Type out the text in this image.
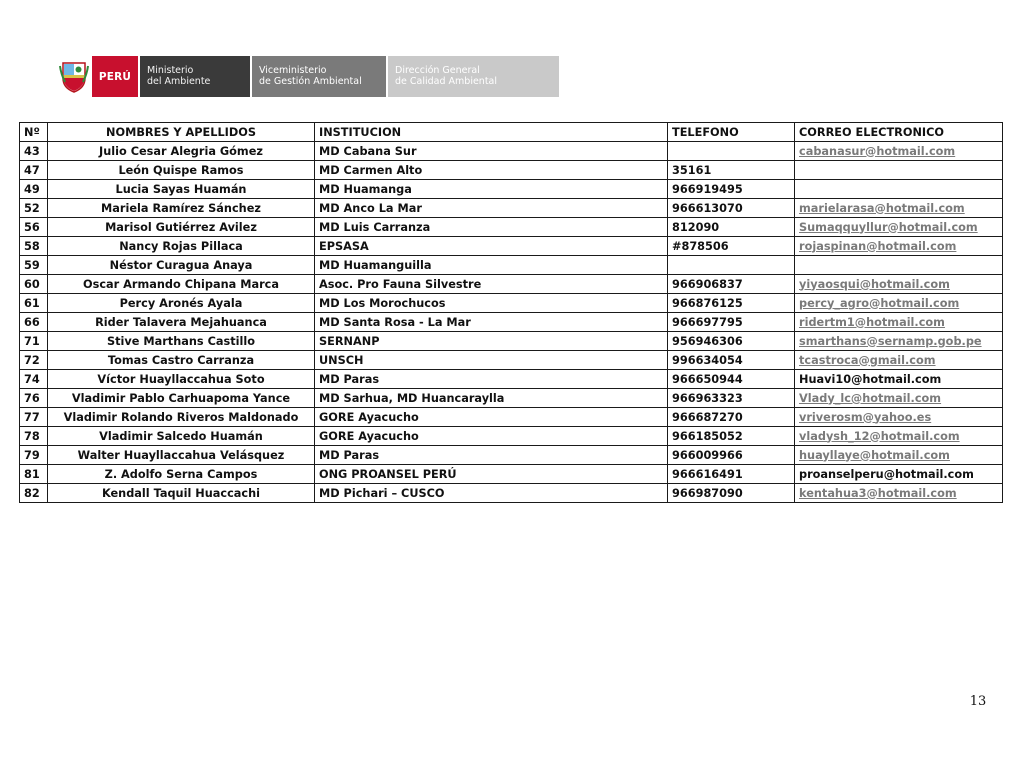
PERÚ	Ministerio
del Ambiente
Viceministerio
de Gestión Ambiental
Dirección General
de Calidad Ambiental
Nº	NOMBRES Y APELLIDOS	INSTITUCION	TELEFONO	CORREO ELECTRONICO
43	Julio Cesar Alegria Gómez	MD Cabana Sur		cabanasur@hotmail.com
47	León Quispe Ramos	MD Carmen Alto	35161	
49	Lucia Sayas Huamán	MD Huamanga	966919495	
52	Mariela Ramírez Sánchez	MD Anco La Mar	966613070	marielarasa@hotmail.com
56	Marisol Gutiérrez Avilez	MD Luis Carranza	812090	Sumaqquyllur@hotmail.com
58	Nancy Rojas Pillaca	EPSASA	#878506	rojaspinan@hotmail.com
59	Néstor Curagua Anaya	MD Huamanguilla		
60	Oscar Armando Chipana Marca	Asoc. Pro Fauna Silvestre	966906837	yiyaosqui@hotmail.com
61	Percy Aronés Ayala	MD Los Morochucos	966876125	percy_agro@hotmail.com
66	Rider Talavera Mejahuanca	MD Santa Rosa - La Mar	966697795	ridertm1@hotmail.com
71	Stive Marthans Castillo	SERNANP	956946306	smarthans@sernamp.gob.pe
72	Tomas Castro Carranza	UNSCH	996634054	tcastroca@gmail.com
74	Víctor Huayllaccahua Soto	MD Paras	966650944	Huavi10@hotmail.com
76	Vladimir Pablo Carhuapoma Yance	MD Sarhua, MD Huancaraylla	966963323	Vlady_lc@hotmail.com
77	Vladimir Rolando Riveros Maldonado	GORE Ayacucho	966687270	vriverosm@yahoo.es
78	Vladimir Salcedo Huamán	GORE Ayacucho	966185052	vladysh_12@hotmail.com
79	Walter Huayllaccahua Velásquez	MD Paras	966009966	huayllaye@hotmail.com
81	Z. Adolfo Serna Campos	ONG PROANSEL PERÚ	966616491	proanselperu@hotmail.com
82	Kendall Taquil Huaccachi	MD Pichari – CUSCO	966987090	kentahua3@hotmail.com
13
